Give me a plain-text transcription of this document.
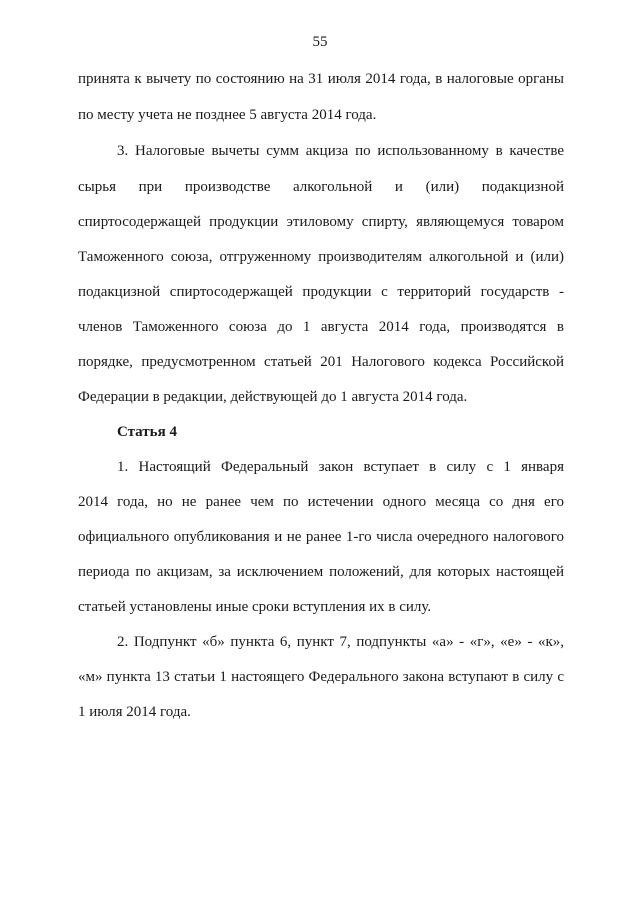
55
принята к вычету по состоянию на 31 июля 2014 года, в налоговые органы
по месту учета не позднее 5 августа 2014 года.
3. Налоговые вычеты сумм акциза по использованному в качестве
сырья при производстве алкогольной и (или) подакцизной
спиртосодержащей продукции этиловому спирту, являющемуся товаром
Таможенного союза, отгруженному производителям алкогольной и (или)
подакцизной спиртосодержащей продукции с территорий государств -
членов Таможенного союза до 1 августа 2014 года, производятся в
порядке, предусмотренном статьей 201 Налогового кодекса Российской
Федерации в редакции, действующей до 1 августа 2014 года.
Статья 4
1. Настоящий Федеральный закон вступает в силу с 1 января
2014 года, но не ранее чем по истечении одного месяца со дня его
официального опубликования и не ранее 1-го числа очередного налогового
периода по акцизам, за исключением положений, для которых настоящей
статьей установлены иные сроки вступления их в силу.
2. Подпункт «б» пункта 6, пункт 7, подпункты «а» - «г», «е» - «к»,
«м» пункта 13 статьи 1 настоящего Федерального закона вступают в силу с
1 июля 2014 года.
